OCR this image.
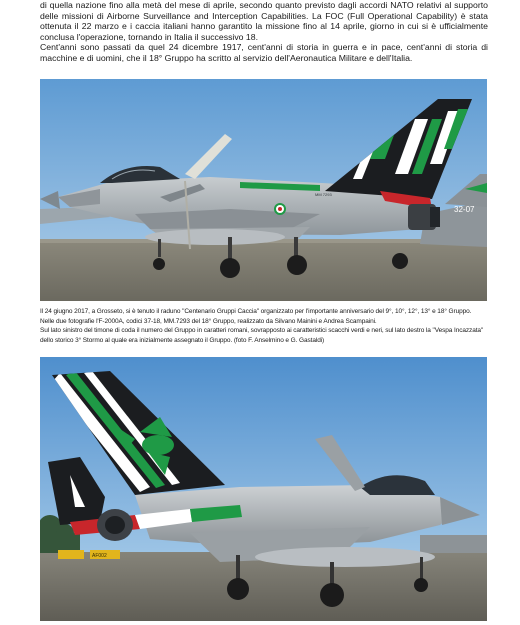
di quella nazione fino alla metà del mese di aprile, secondo quanto previsto dagli accordi NATO relativi al supporto delle missioni di Airborne Surveillance and Interception Capabilities. La FOC (Full Operational Capability) è stata ottenuta il 22 marzo e i caccia italiani hanno garantito la missione fino al 14 aprile, giorno in cui si è ufficialmente conclusa l'operazione, tornando in Italia il successivo 18.

Cent'anni sono passati da quel 24 dicembre 1917, cent'anni di storia in guerra e in pace, cent'anni di storia di macchine e di uomini, che il 18° Gruppo ha scritto al servizio dell'Aeronautica Militare e dell'Italia.

32-07
MM 7293

Il 24 giugno 2017, a Grosseto, si è tenuto il raduno "Centenario Gruppi Caccia" organizzato per l'importante anniversario del 9°, 10°, 12°, 13° e 18° Gruppo.

Nelle due fotografie l'F-2000A, codici 37-18, MM.7293 del 18° Gruppo, realizzato da Silvano Mainini e Andrea Scampaini.

Sul lato sinistro del timone di coda il numero del Gruppo in caratteri romani, sovrapposto ai caratteristici scacchi verdi e neri, sul lato destro la "Vespa Incazzata"

dello storico 3° Stormo al quale era inizialmente assegnato il Gruppo. (foto F. Anselmino e G. Gastaldi)

AF002
